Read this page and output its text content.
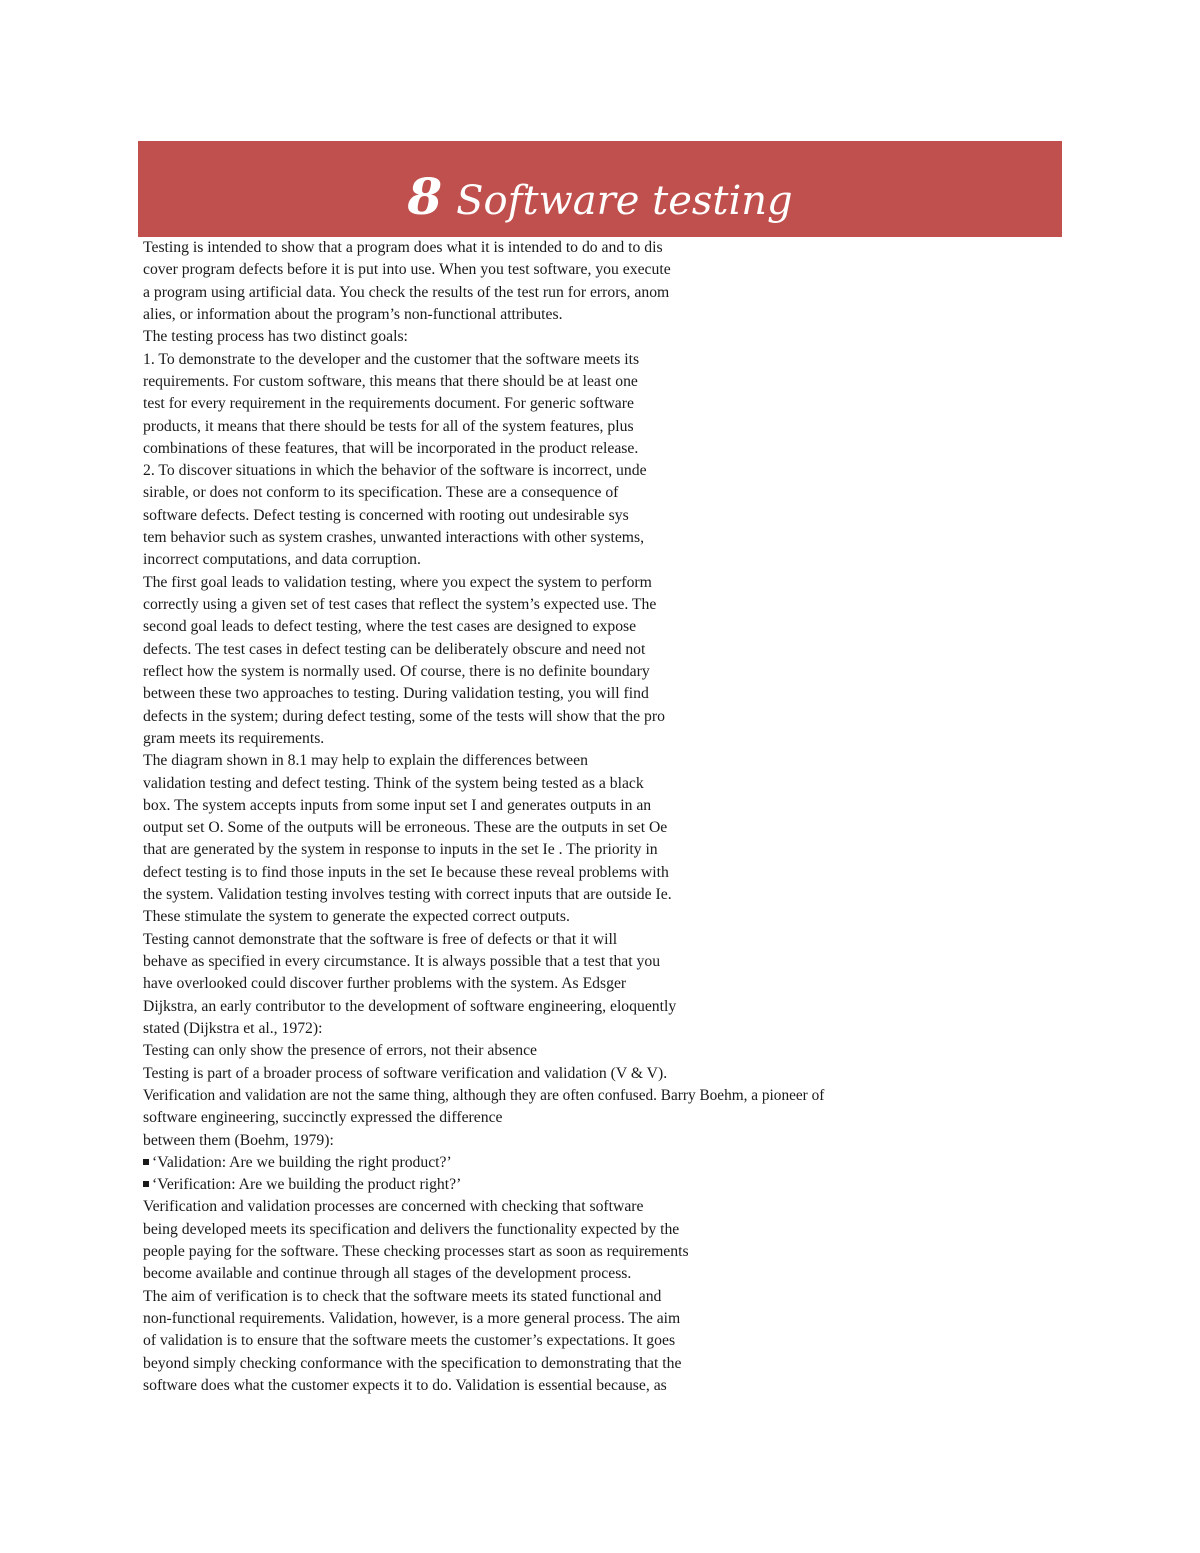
8 Software testing
Testing is intended to show that a program does what it is intended to do and to dis
cover program defects before it is put into use. When you test software, you execute
a program using artificial data. You check the results of the test run for errors, anom
alies, or information about the program’s non-functional attributes.
The testing process has two distinct goals:
1. To demonstrate to the developer and the customer that the software meets its
requirements. For custom software, this means that there should be at least one
test for every requirement in the requirements document. For generic software
products, it means that there should be tests for all of the system features, plus
combinations of these features, that will be incorporated in the product release.
2. To discover situations in which the behavior of the software is incorrect, unde
sirable, or does not conform to its specification. These are a consequence of
software defects. Defect testing is concerned with rooting out undesirable sys
tem behavior such as system crashes, unwanted interactions with other systems,
incorrect computations, and data corruption.
The first goal leads to validation testing, where you expect the system to perform
correctly using a given set of test cases that reflect the system’s expected use. The
second goal leads to defect testing, where the test cases are designed to expose
defects. The test cases in defect testing can be deliberately obscure and need not
reflect how the system is normally used. Of course, there is no definite boundary
between these two approaches to testing. During validation testing, you will find
defects in the system; during defect testing, some of the tests will show that the pro
gram meets its requirements.
The diagram shown in 8.1 may help to explain the differences between
validation testing and defect testing. Think of the system being tested as a black
box. The system accepts inputs from some input set I and generates outputs in an
output set O. Some of the outputs will be erroneous. These are the outputs in set Oe
that are generated by the system in response to inputs in the set Ie . The priority in
defect testing is to find those inputs in the set Ie because these reveal problems with
the system. Validation testing involves testing with correct inputs that are outside Ie.
These stimulate the system to generate the expected correct outputs.
Testing cannot demonstrate that the software is free of defects or that it will
behave as specified in every circumstance. It is always possible that a test that you
have overlooked could discover further problems with the system. As Edsger
Dijkstra, an early contributor to the development of software engineering, eloquently
stated (Dijkstra et al., 1972):
Testing can only show the presence of errors, not their absence
Testing is part of a broader process of software verification and validation (V & V).
Verification and validation are not the same thing, although they are often confused. Barry Boehm, a pioneer of
software engineering, succinctly expressed the difference
between them (Boehm, 1979):
‘Validation: Are we building the right product?’
‘Verification: Are we building the product right?’
Verification and validation processes are concerned with checking that software
being developed meets its specification and delivers the functionality expected by the
people paying for the software. These checking processes start as soon as requirements
become available and continue through all stages of the development process.
The aim of verification is to check that the software meets its stated functional and
non-functional requirements. Validation, however, is a more general process. The aim
of validation is to ensure that the software meets the customer’s expectations. It goes
beyond simply checking conformance with the specification to demonstrating that the
software does what the customer expects it to do. Validation is essential because, as
